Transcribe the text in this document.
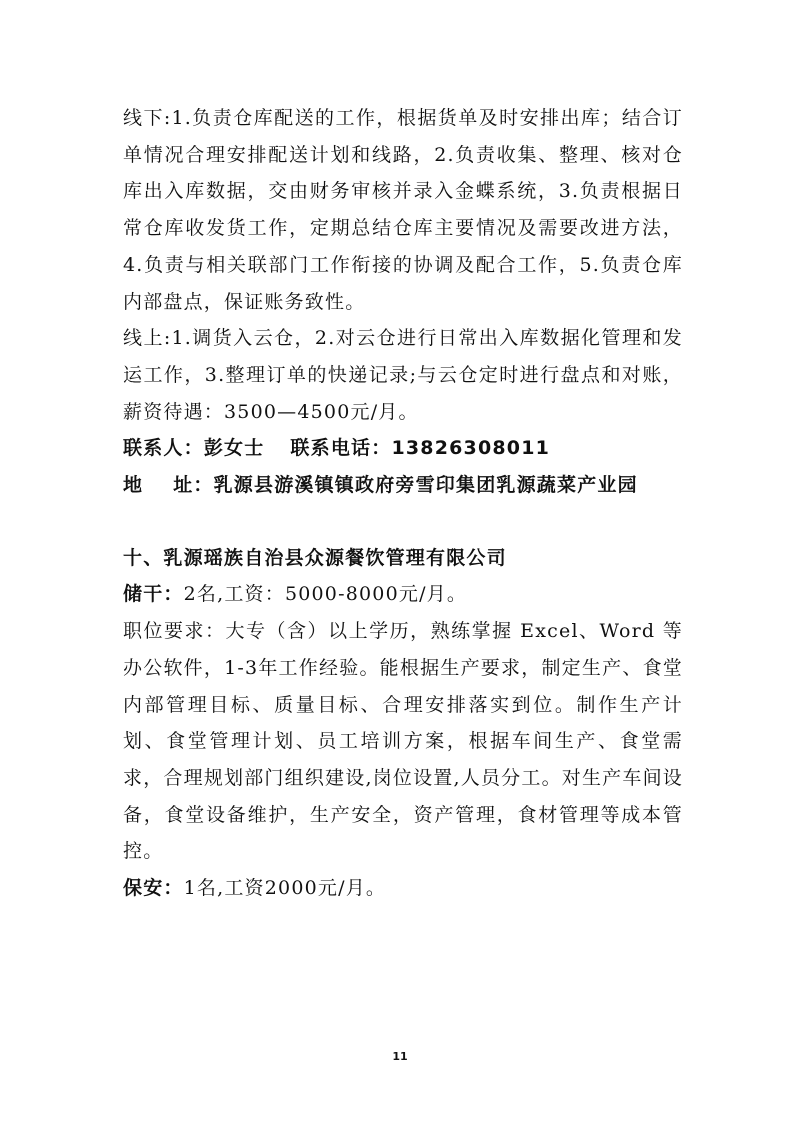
线下:1.负责仓库配送的工作，根据货单及时安排出库；结合订单情况合理安排配送计划和线路，2.负责收集、整理、核对仓库出入库数据，交由财务审核并录入金蝶系统，3.负责根据日常仓库收发货工作，定期总结仓库主要情况及需要改进方法，4.负责与相关联部门工作衔接的协调及配合工作，5.负责仓库内部盘点，保证账务致性。

线上:1.调货入云仓，2.对云仓进行日常出入库数据化管理和发运工作，3.整理订单的快递记录;与云仓定时进行盘点和对账，薪资待遇：3500—4500元/月。

联系人：彭女士 联系电话：13826308011

地 址：乳源县游溪镇镇政府旁雪印集团乳源蔬菜产业园

十、乳源瑶族自治县众源餐饮管理有限公司

储干：2名,工资：5000-8000元/月。

职位要求：大专（含）以上学历，熟练掌握 Excel、Word 等办公软件，1-3年工作经验。能根据生产要求，制定生产、食堂内部管理目标、质量目标、合理安排落实到位。制作生产计划、食堂管理计划、员工培训方案，根据车间生产、食堂需求，合理规划部门组织建设,岗位设置,人员分工。对生产车间设备，食堂设备维护，生产安全，资产管理，食材管理等成本管控。

保安：1名,工资2000元/月。

11
